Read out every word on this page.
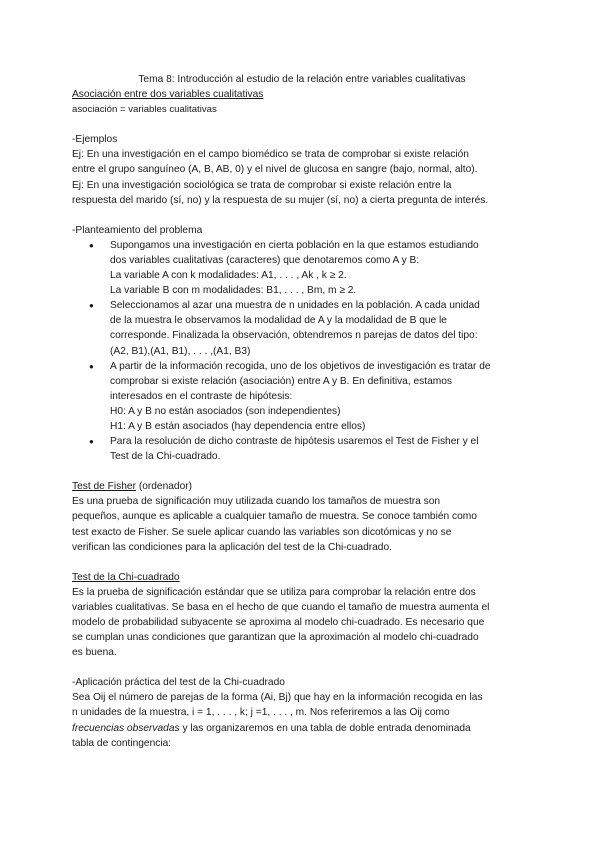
Tema 8: Introducción al estudio de la relación entre variables cualitativas
Asociación entre dos variables cualitativas
asociación = variables cualitativas
-Ejemplos
Ej: En una investigación en el campo biomédico se trata de comprobar si existe relación
entre el grupo sanguíneo (A, B, AB, 0) y el nivel de glucosa en sangre (bajo, normal, alto).
Ej: En una investigación sociológica se trata de comprobar si existe relación entre la
respuesta del marido (sí, no) y la respuesta de su mujer (sí, no) a cierta pregunta de interés.
-Planteamiento del problema
● Supongamos una investigación en cierta población en la que estamos estudiando
dos variables cualitativas (caracteres) que denotaremos como A y B:
La variable A con k modalidades: A1, . . . , Ak , k ≥ 2.
La variable B con m modalidades: B1, . . . , Bm, m ≥ 2.
● Seleccionamos al azar una muestra de n unidades en la población. A cada unidad
de la muestra le observamos la modalidad de A y la modalidad de B que le
corresponde. Finalizada la observación, obtendremos n parejas de datos del tipo:
(A2, B1),(A1, B1), . . . ,(A1, B3)
● A partir de la información recogida, uno de los objetivos de investigación es tratar de
comprobar si existe relación (asociación) entre A y B. En definitiva, estamos
interesados en el contraste de hipótesis:
H0: A y B no están asociados (son independientes)
H1: A y B están asociados (hay dependencia entre ellos)
● Para la resolución de dicho contraste de hipótesis usaremos el Test de Fisher y el
Test de la Chi-cuadrado.
Test de Fisher (ordenador)
Es una prueba de significación muy utilizada cuando los tamaños de muestra son
pequeños, aunque es aplicable a cualquier tamaño de muestra. Se conoce también como
test exacto de Fisher. Se suele aplicar cuando las variables son dicotómicas y no se
verifican las condiciones para la aplicación del test de la Chi-cuadrado.
Test de la Chi-cuadrado
Es la prueba de significación estándar que se utiliza para comprobar la relación entre dos
variables cualitativas. Se basa en el hecho de que cuando el tamaño de muestra aumenta el
modelo de probabilidad subyacente se aproxima al modelo chi-cuadrado. Es necesario que
se cumplan unas condiciones que garantizan que la aproximación al modelo chi-cuadrado
es buena.
-Aplicación práctica del test de la Chi-cuadrado
Sea Oij el número de parejas de la forma (Ai, Bj) que hay en la información recogida en las
n unidades de la muestra, i = 1, . . . , k; j =1, . . . , m. Nos referiremos a las Oij como
frecuencias observadas y las organizaremos en una tabla de doble entrada denominada
tabla de contingencia:
